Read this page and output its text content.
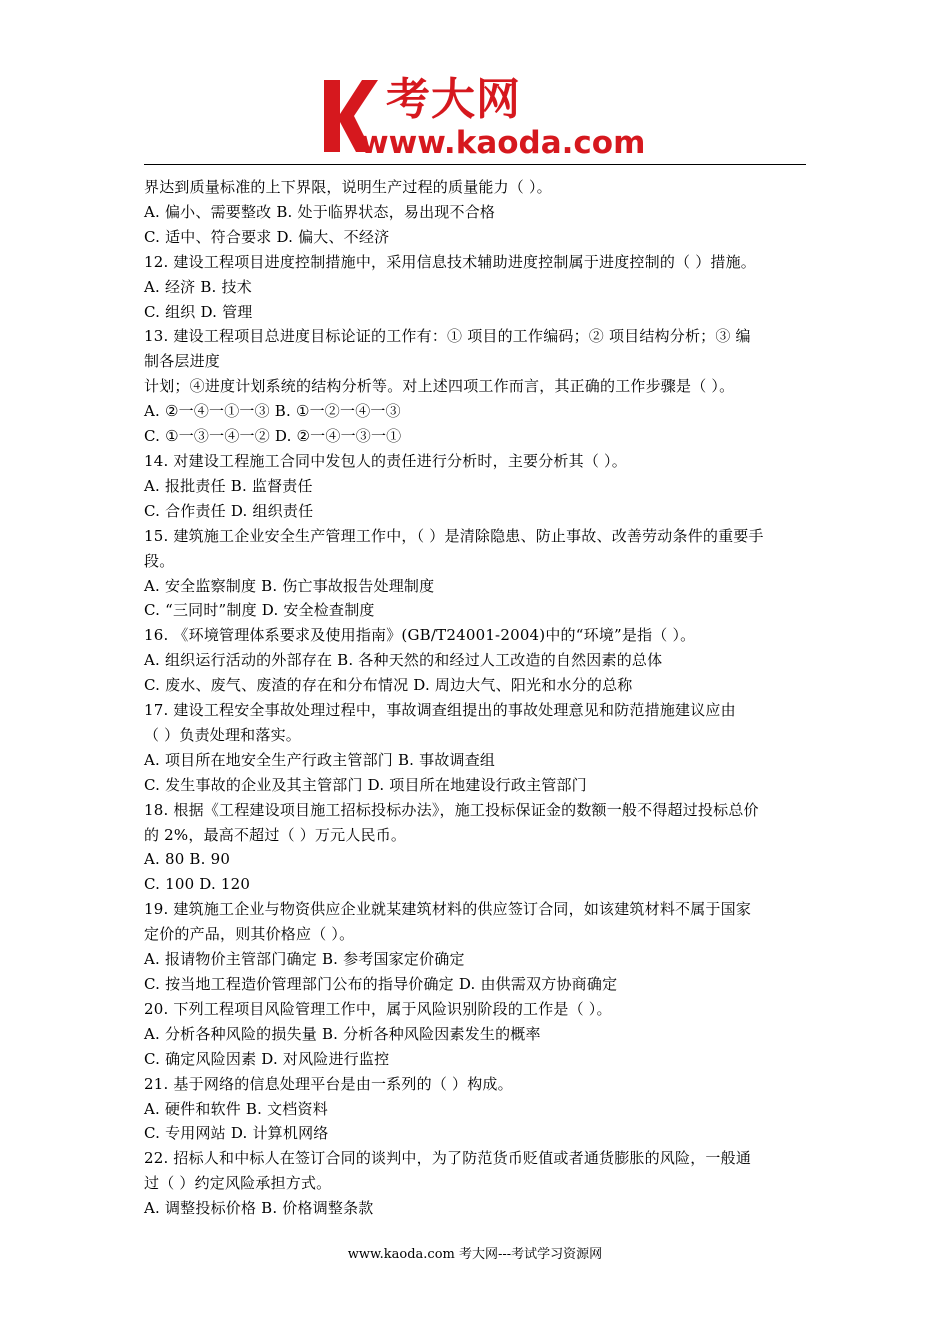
考大网
www.kaoda.com
界达到质量标准的上下界限，说明生产过程的质量能力（ ）。
A. 偏小、需要整改 B. 处于临界状态，易出现不合格
C. 适中、符合要求 D. 偏大、不经济
12. 建设工程项目进度控制措施中，采用信息技术辅助进度控制属于进度控制的（ ）措施。
A. 经济 B. 技术
C. 组织 D. 管理
13. 建设工程项目总进度目标论证的工作有：① 项目的工作编码；② 项目结构分析；③ 编
制各层进度
计划；④进度计划系统的结构分析等。对上述四项工作而言，其正确的工作步骤是（ ）。
A. ②一④一①一③ B. ①一②一④一③
C. ①一③一④一② D. ②一④一③一①
14. 对建设工程施工合同中发包人的责任进行分析时，主要分析其（ ）。
A. 报批责任 B. 监督责任
C. 合作责任 D. 组织责任
15. 建筑施工企业安全生产管理工作中，（ ）是清除隐患、防止事故、改善劳动条件的重要手
段。
A. 安全监察制度 B. 伤亡事故报告处理制度
C. “三同时”制度 D. 安全检查制度
16. 《环境管理体系要求及使用指南》(GB/T24001-2004)中的“环境”是指（ ）。
A. 组织运行活动的外部存在 B. 各种天然的和经过人工改造的自然因素的总体
C. 废水、废气、废渣的存在和分布情况 D. 周边大气、阳光和水分的总称
17. 建设工程安全事故处理过程中，事故调查组提出的事故处理意见和防范措施建议应由
（ ）负责处理和落实。
A. 项目所在地安全生产行政主管部门 B. 事故调查组
C. 发生事故的企业及其主管部门 D. 项目所在地建设行政主管部门
18. 根据《工程建设项目施工招标投标办法》，施工投标保证金的数额一般不得超过投标总价
的 2%，最高不超过（ ）万元人民币。
A. 80 B. 90
C. 100 D. 120
19. 建筑施工企业与物资供应企业就某建筑材料的供应签订合同，如该建筑材料不属于国家
定价的产品，则其价格应（ ）。
A. 报请物价主管部门确定 B. 参考国家定价确定
C. 按当地工程造价管理部门公布的指导价确定 D. 由供需双方协商确定
20. 下列工程项目风险管理工作中，属于风险识别阶段的工作是（ ）。
A. 分析各种风险的损失量 B. 分析各种风险因素发生的概率
C. 确定风险因素 D. 对风险进行监控
21. 基于网络的信息处理平台是由一系列的（ ）构成。
A. 硬件和软件 B. 文档资料
C. 专用网站 D. 计算机网络
22. 招标人和中标人在签订合同的谈判中，为了防范货币贬值或者通货膨胀的风险，一般通
过（ ）约定风险承担方式。
A. 调整投标价格 B. 价格调整条款
www.kaoda.com 考大网---考试学习资源网
